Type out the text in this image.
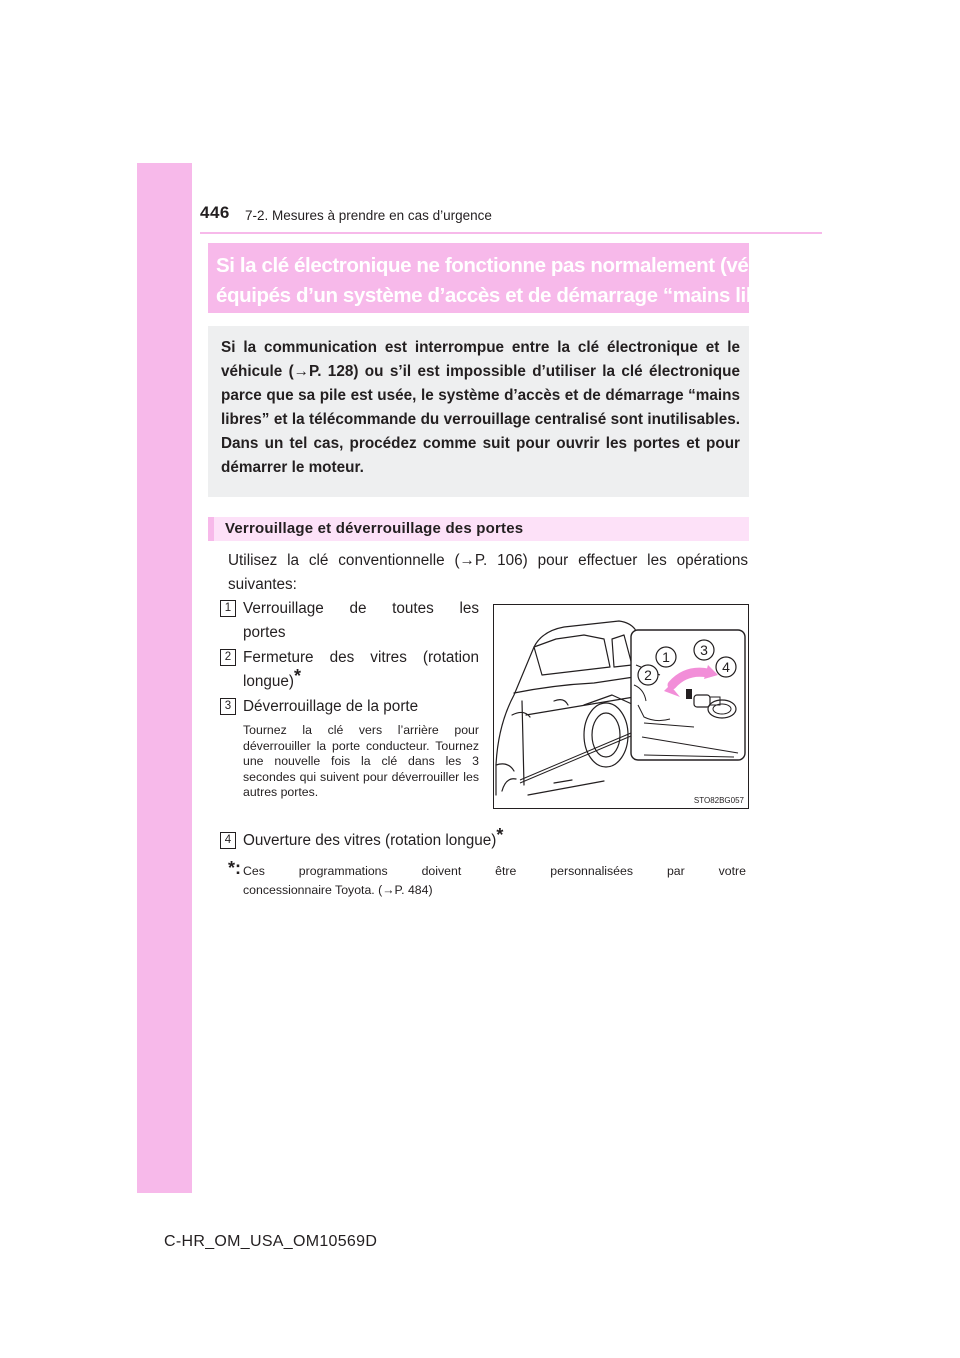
446 7-2. Mesures à prendre en cas d’urgence
Si la clé électronique ne fonctionne pas normalement (véhicules
équipés d’un système d’accès et de démarrage “mains libres”)
Si la communication est interrompue entre la clé électronique et le véhicule (→P. 128) ou s’il est impossible d’utiliser la clé électronique parce que sa pile est usée, le système d’accès et de démarrage “mains libres” et la télécommande du verrouillage centralisé sont inutilisables. Dans un tel cas, procédez comme suit pour ouvrir les portes et pour démarrer le moteur.
Verrouillage et déverrouillage des portes
Utilisez la clé conventionnelle (→P. 106) pour effectuer les opérations suivantes:
1 Verrouillage de toutes les
portes
2 Fermeture des vitres (rotation
longue)*
3 Déverrouillage de la porte
Tournez la clé vers l’arrière pour déverrouiller la porte conducteur. Tournez une nouvelle fois la clé dans les 3 secondes qui suivent pour déverrouiller les autres portes.
4 Ouverture des vitres (rotation longue)*
*: Ces programmations doivent être personnalisées par votre
concessionnaire Toyota. (→P. 484)
1
2
3
4
STO82BG057
C-HR_OM_USA_OM10569D
